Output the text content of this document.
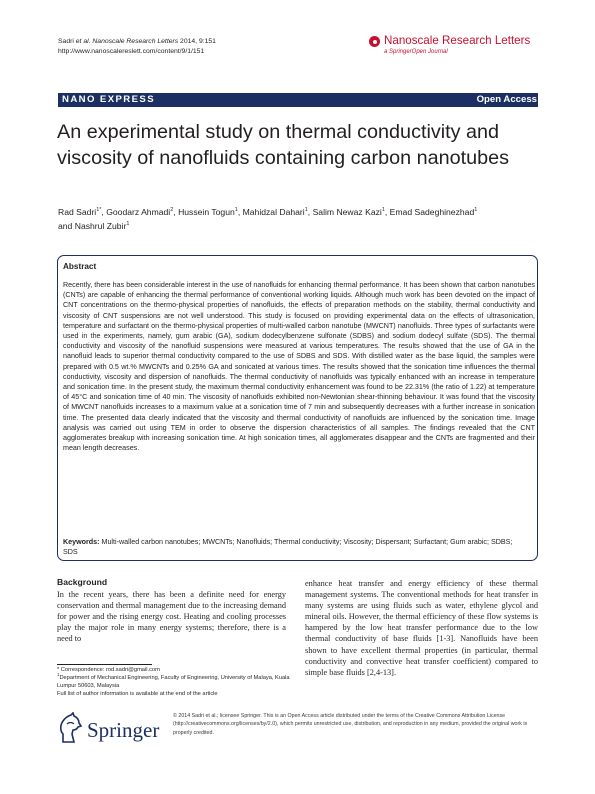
Sadri et al. Nanoscale Research Letters 2014, 9:151
http://www.nanoscalereslett.com/content/9/1/151
Nanoscale Research Letters
a SpringerOpen Journal
NANO EXPRESS	Open Access
An experimental study on thermal conductivity and viscosity of nanofluids containing carbon nanotubes
Rad Sadri$^{1*}$, Goodarz Ahmadi$^2$, Hussein Togun$^1$, Mahidzal Dahari$^1$, Salim Newaz Kazi$^1$, Emad Sadeghinezhad$^1$
and Nashrul Zubir$^1$
Abstract
Recently, there has been considerable interest in the use of nanofluids for enhancing thermal performance. It has been shown that carbon nanotubes (CNTs) are capable of enhancing the thermal performance of conventional working liquids. Although much work has been devoted on the impact of CNT concentrations on the thermo-physical properties of nanofluids, the effects of preparation methods on the stability, thermal conductivity and viscosity of CNT suspensions are not well understood. This study is focused on providing experimental data on the effects of ultrasonication, temperature and surfactant on the thermo-physical properties of multi-walled carbon nanotube (MWCNT) nanofluids. Three types of surfactants were used in the experiments, namely, gum arabic (GA), sodium dodecylbenzene sulfonate (SDBS) and sodium dodecyl sulfate (SDS). The thermal conductivity and viscosity of the nanofluid suspensions were measured at various temperatures. The results showed that the use of GA in the nanofluid leads to superior thermal conductivity compared to the use of SDBS and SDS. With distilled water as the base liquid, the samples were prepared with 0.5 wt.% MWCNTs and 0.25% GA and sonicated at various times. The results showed that the sonication time influences the thermal conductivity, viscosity and dispersion of nanofluids. The thermal conductivity of nanofluids was typically enhanced with an increase in temperature and sonication time. In the present study, the maximum thermal conductivity enhancement was found to be 22.31% (the ratio of 1.22) at temperature of 45°C and sonication time of 40 min. The viscosity of nanofluids exhibited non-Newtonian shear-thinning behaviour. It was found that the viscosity of MWCNT nanofluids increases to a maximum value at a sonication time of 7 min and subsequently decreases with a further increase in sonication time. The presented data clearly indicated that the viscosity and thermal conductivity of nanofluids are influenced by the sonication time. Image analysis was carried out using TEM in order to observe the dispersion characteristics of all samples. The findings revealed that the CNT agglomerates breakup with increasing sonication time. At high sonication times, all agglomerates disappear and the CNTs are fragmented and their mean length decreases.
Keywords: Multi-walled carbon nanotubes; MWCNTs; Nanofluids; Thermal conductivity; Viscosity; Dispersant; Surfactant; Gum arabic; SDBS; SDS
Background
In the recent years, there has been a definite need for energy conservation and thermal management due to the increasing demand for power and the rising energy cost. Heating and cooling processes play the major role in many energy systems; therefore, there is a need to
enhance heat transfer and energy efficiency of these thermal management systems. The conventional methods for heat transfer in many systems are using fluids such as water, ethylene glycol and mineral oils. However, the thermal efficiency of these flow systems is hampered by the low heat transfer performance due to the low thermal conductivity of base fluids [1-3]. Nanofluids have been shown to have excellent thermal properties (in particular, thermal conductivity and convective heat transfer coefficient) compared to simple base fluids [2,4-13].
* Correspondence: rod.sadri@gmail.com
$^1$Department of Mechanical Engineering, Faculty of Engineering, University of Malaya, Kuala Lumpur 50603, Malaysia
Full list of author information is available at the end of the article
Springer
© 2014 Sadri et al.; licensee Springer. This is an Open Access article distributed under the terms of the Creative Commons Attribution License (http://creativecommons.org/licenses/by/2.0), which permits unrestricted use, distribution, and reproduction in any medium, provided the original work is properly credited.
